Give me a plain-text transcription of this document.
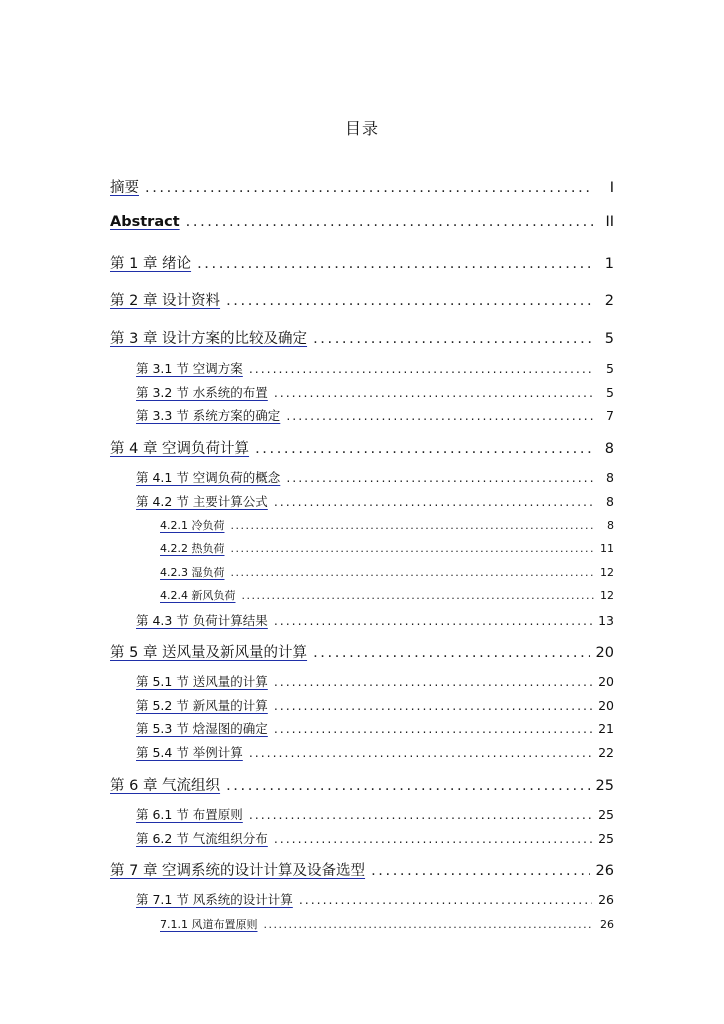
目录
摘要 . . .	I
Abstract . . .	II
第 1 章 绪论 . . .	1
第 2 章 设计资料 . . .	2
第 3 章 设计方案的比较及确定 . . .	5
第 3.1 节 空调方案 . . .	5
第 3.2 节 水系统的布置 . . .	5
第 3.3 节 系统方案的确定 . . .	7
第 4 章 空调负荷计算 . . .	8
第 4.1 节 空调负荷的概念 . . .	8
第 4.2 节 主要计算公式 . . .	8
4.2.1 冷负荷 . . .	8
4.2.2 热负荷 . . .	11
4.2.3 湿负荷 . . .	12
4.2.4 新风负荷 . . .	12
第 4.3 节 负荷计算结果 . . .	13
第 5 章 送风量及新风量的计算 . . .	20
第 5.1 节 送风量的计算 . . .	20
第 5.2 节 新风量的计算 . . .	20
第 5.3 节 焓湿图的确定 . . .	21
第 5.4 节 举例计算 . . .	22
第 6 章 气流组织 . . .	25
第 6.1 节 布置原则 . . .	25
第 6.2 节 气流组织分布 . . .	25
第 7 章 空调系统的设计计算及设备选型 . . .	26
第 7.1 节 风系统的设计计算 . . .	26
7.1.1 风道布置原则 . . .	26
